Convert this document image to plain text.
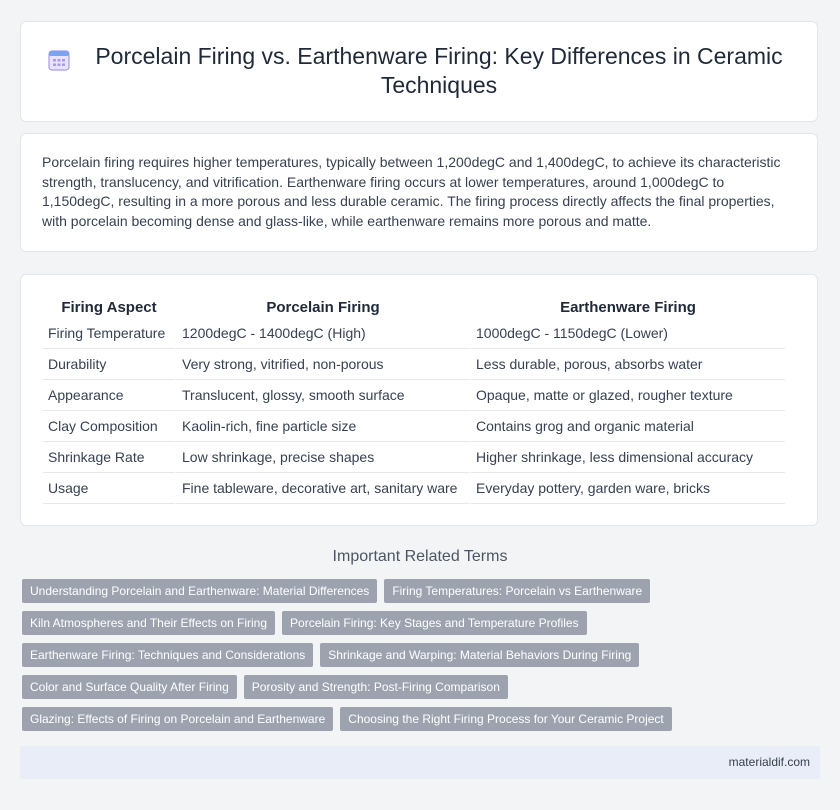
Porcelain Firing vs. Earthenware Firing: Key Differences in Ceramic Techniques

Porcelain firing requires higher temperatures, typically between 1,200degC and 1,400degC, to achieve its characteristic strength, translucency, and vitrification. Earthenware firing occurs at lower temperatures, around 1,000degC to 1,150degC, resulting in a more porous and less durable ceramic. The firing process directly affects the final properties, with porcelain becoming dense and glass-like, while earthenware remains more porous and matte.

Firing Aspect	Porcelain Firing	Earthenware Firing
Firing Temperature	1200degC - 1400degC (High)	1000degC - 1150degC (Lower)
Durability	Very strong, vitrified, non-porous	Less durable, porous, absorbs water
Appearance	Translucent, glossy, smooth surface	Opaque, matte or glazed, rougher texture
Clay Composition	Kaolin-rich, fine particle size	Contains grog and organic material
Shrinkage Rate	Low shrinkage, precise shapes	Higher shrinkage, less dimensional accuracy
Usage	Fine tableware, decorative art, sanitary ware	Everyday pottery, garden ware, bricks
Important Related Terms
Understanding Porcelain and Earthenware: Material Differences	Firing Temperatures: Porcelain vs Earthenware
Kiln Atmospheres and Their Effects on Firing	Porcelain Firing: Key Stages and Temperature Profiles
Earthenware Firing: Techniques and Considerations	Shrinkage and Warping: Material Behaviors During Firing
Color and Surface Quality After Firing	Porosity and Strength: Post-Firing Comparison
Glazing: Effects of Firing on Porcelain and Earthenware	Choosing the Right Firing Process for Your Ceramic Project
materialdif.com
